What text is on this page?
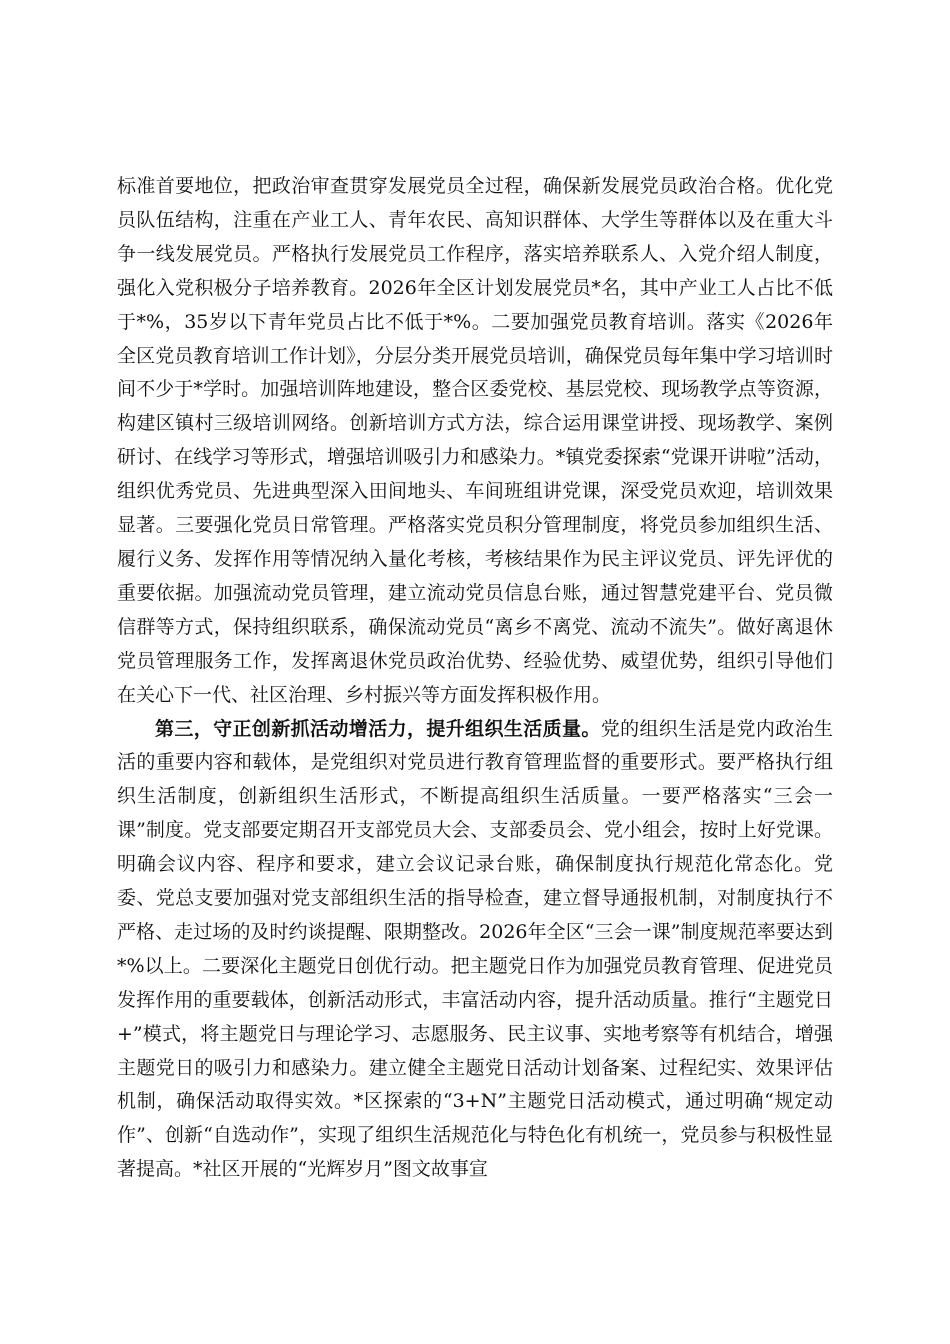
标准首要地位，把政治审查贯穿发展党员全过程，确保新发展党员政治合格。优化党员队伍结构，注重在产业工人、青年农民、高知识群体、大学生等群体以及在重大斗争一线发展党员。严格执行发展党员工作程序，落实培养联系人、入党介绍人制度，强化入党积极分子培养教育。2026年全区计划发展党员*名，其中产业工人占比不低于*%，35岁以下青年党员占比不低于*%。二要加强党员教育培训。落实《2026年全区党员教育培训工作计划》，分层分类开展党员培训，确保党员每年集中学习培训时间不少于*学时。加强培训阵地建设，整合区委党校、基层党校、现场教学点等资源，构建区镇村三级培训网络。创新培训方式方法，综合运用课堂讲授、现场教学、案例研讨、在线学习等形式，增强培训吸引力和感染力。*镇党委探索“党课开讲啦”活动，组织优秀党员、先进典型深入田间地头、车间班组讲党课，深受党员欢迎，培训效果显著。三要强化党员日常管理。严格落实党员积分管理制度，将党员参加组织生活、履行义务、发挥作用等情况纳入量化考核，考核结果作为民主评议党员、评先评优的重要依据。加强流动党员管理，建立流动党员信息台账，通过智慧党建平台、党员微信群等方式，保持组织联系，确保流动党员“离乡不离党、流动不流失”。做好离退休党员管理服务工作，发挥离退休党员政治优势、经验优势、威望优势，组织引导他们在关心下一代、社区治理、乡村振兴等方面发挥积极作用。

第三，守正创新抓活动增活力，提升组织生活质量。党的组织生活是党内政治生活的重要内容和载体，是党组织对党员进行教育管理监督的重要形式。要严格执行组织生活制度，创新组织生活形式，不断提高组织生活质量。一要严格落实“三会一课”制度。党支部要定期召开支部党员大会、支部委员会、党小组会，按时上好党课。明确会议内容、程序和要求，建立会议记录台账，确保制度执行规范化常态化。党委、党总支要加强对党支部组织生活的指导检查，建立督导通报机制，对制度执行不严格、走过场的及时约谈提醒、限期整改。2026年全区“三会一课”制度规范率要达到*%以上。二要深化主题党日创优行动。把主题党日作为加强党员教育管理、促进党员发挥作用的重要载体，创新活动形式，丰富活动内容，提升活动质量。推行“主题党日+”模式，将主题党日与理论学习、志愿服务、民主议事、实地考察等有机结合，增强主题党日的吸引力和感染力。建立健全主题党日活动计划备案、过程纪实、效果评估机制，确保活动取得实效。*区探索的“3+N”主题党日活动模式，通过明确“规定动作”、创新“自选动作”，实现了组织生活规范化与特色化有机统一，党员参与积极性显著提高。*社区开展的“光辉岁月”图文故事宣
